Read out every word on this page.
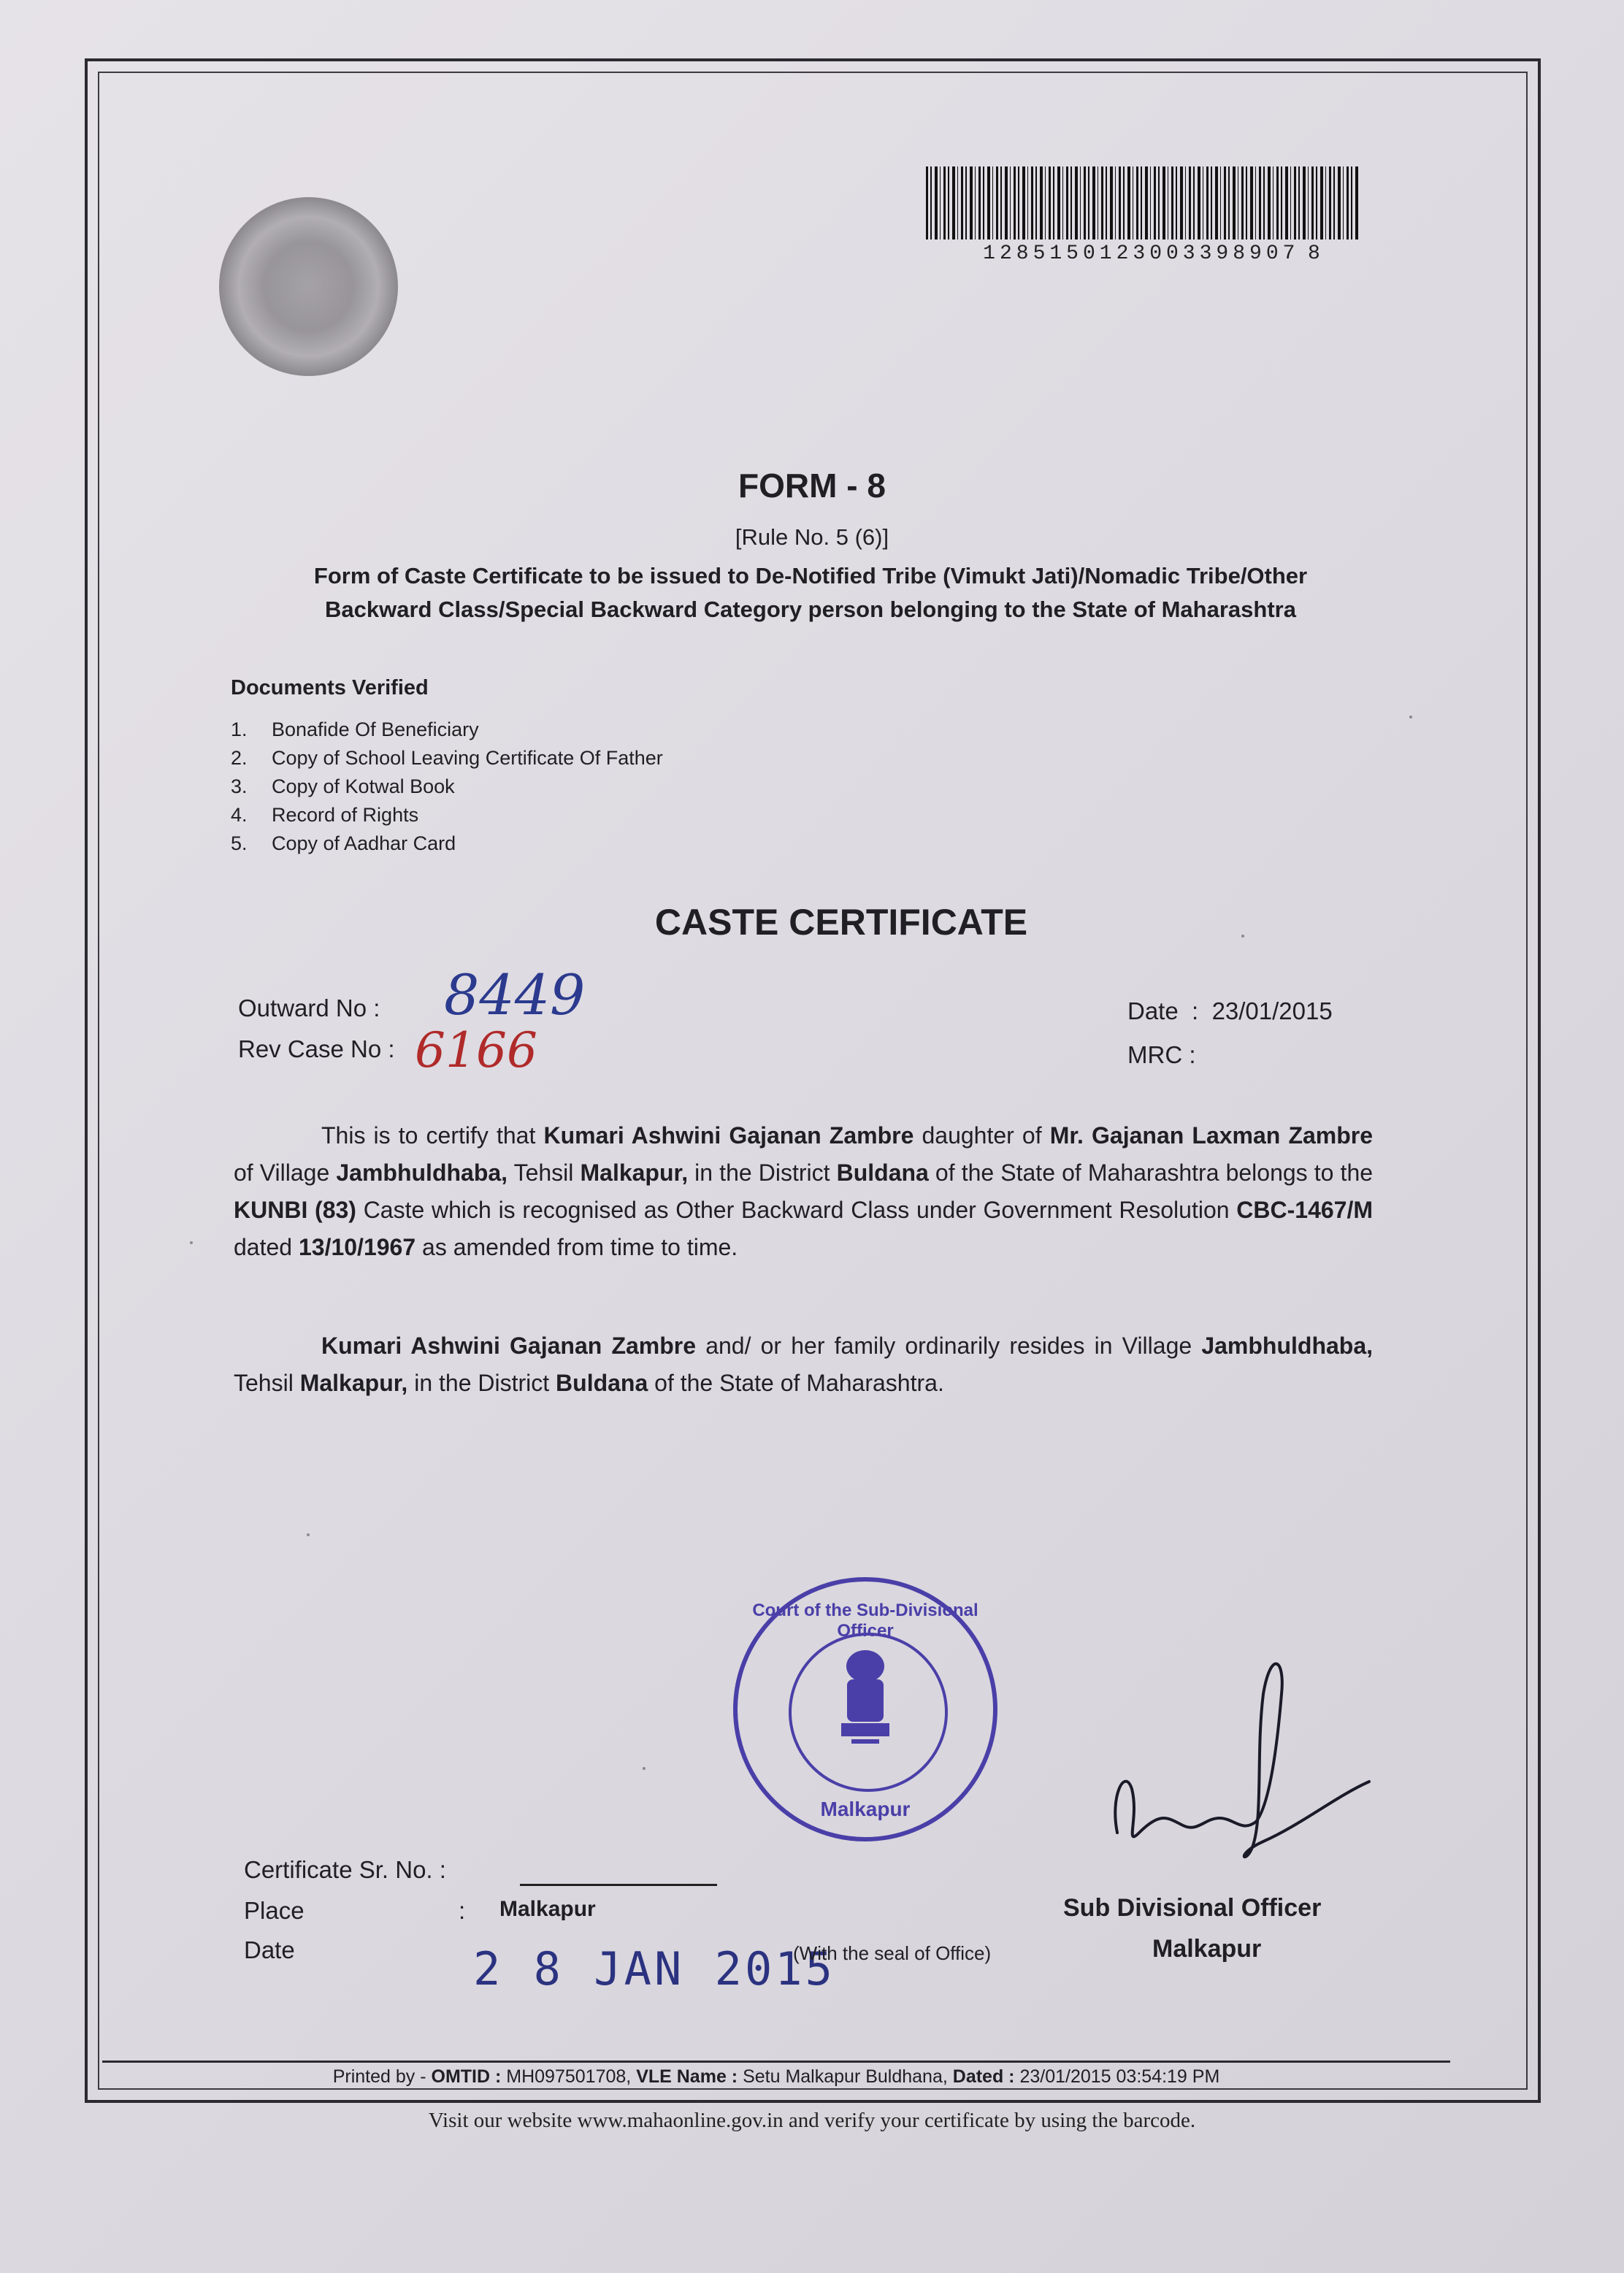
1285150123003398907 8
FORM - 8
[Rule No. 5 (6)]
Form of Caste Certificate to be issued to De-Notified Tribe (Vimukt Jati)/Nomadic Tribe/Other
Backward Class/Special Backward Category person belonging to the State of Maharashtra
Documents Verified
1. Bonafide Of Beneficiary
2. Copy of School Leaving Certificate Of Father
3. Copy of Kotwal Book
4. Record of Rights
5. Copy of Aadhar Card
CASTE CERTIFICATE
Outward No : 8449
Rev Case No : 6166
Date  :  23/01/2015
MRC :
This is to certify that Kumari Ashwini Gajanan Zambre daughter of Mr. Gajanan Laxman Zambre of Village Jambhuldhaba, Tehsil Malkapur, in the District Buldana of the State of Maharashtra belongs to the KUNBI (83) Caste which is recognised as Other Backward Class under Government Resolution CBC-1467/M dated 13/10/1967 as amended from time to time.
Kumari Ashwini Gajanan Zambre and/ or her family ordinarily resides in Village Jambhuldhaba, Tehsil Malkapur, in the District Buldana of the State of Maharashtra.
Court of the Sub-Divisional Officer
Malkapur
Certificate Sr. No. :
Place	: Malkapur
Date	2 8 JAN 2015
(With the seal of Office)
Sub Divisional Officer
Malkapur
Printed by - OMTID : MH097501708, VLE Name : Setu Malkapur Buldhana, Dated : 23/01/2015 03:54:19 PM
Visit our website www.mahaonline.gov.in and verify your certificate by using the barcode.
